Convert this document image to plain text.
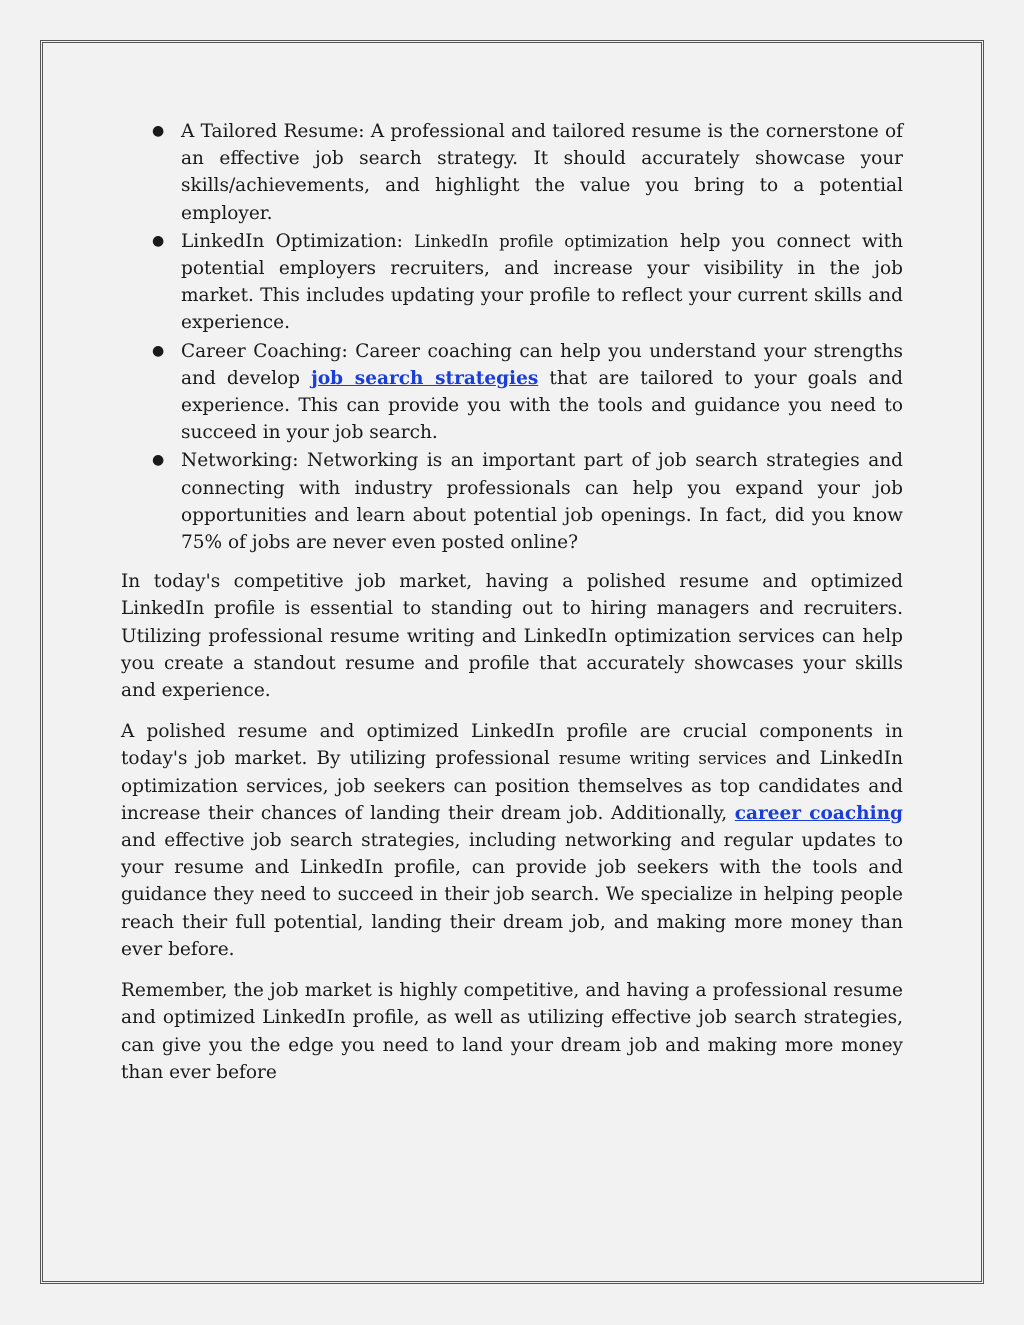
● A Tailored Resume: A professional and tailored resume is the cornerstone of an effective job search strategy. It should accurately showcase your skills/achievements, and highlight the value you bring to a potential employer.
● LinkedIn Optimization: LinkedIn profile optimization help you connect with potential employers recruiters, and increase your visibility in the job market. This includes updating your profile to reflect your current skills and experience.
● Career Coaching: Career coaching can help you understand your strengths and develop job search strategies that are tailored to your goals and experience. This can provide you with the tools and guidance you need to succeed in your job search.
● Networking: Networking is an important part of job search strategies and connecting with industry professionals can help you expand your job opportunities and learn about potential job openings. In fact, did you know 75% of jobs are never even posted online?

In today's competitive job market, having a polished resume and optimized LinkedIn profile is essential to standing out to hiring managers and recruiters. Utilizing professional resume writing and LinkedIn optimization services can help you create a standout resume and profile that accurately showcases your skills and experience.

A polished resume and optimized LinkedIn profile are crucial components in today's job market. By utilizing professional resume writing services and LinkedIn optimization services, job seekers can position themselves as top candidates and increase their chances of landing their dream job. Additionally, career coaching and effective job search strategies, including networking and regular updates to your resume and LinkedIn profile, can provide job seekers with the tools and guidance they need to succeed in their job search. We specialize in helping people reach their full potential, landing their dream job, and making more money than ever before.

Remember, the job market is highly competitive, and having a professional resume and optimized LinkedIn profile, as well as utilizing effective job search strategies, can give you the edge you need to land your dream job and making more money than ever before
